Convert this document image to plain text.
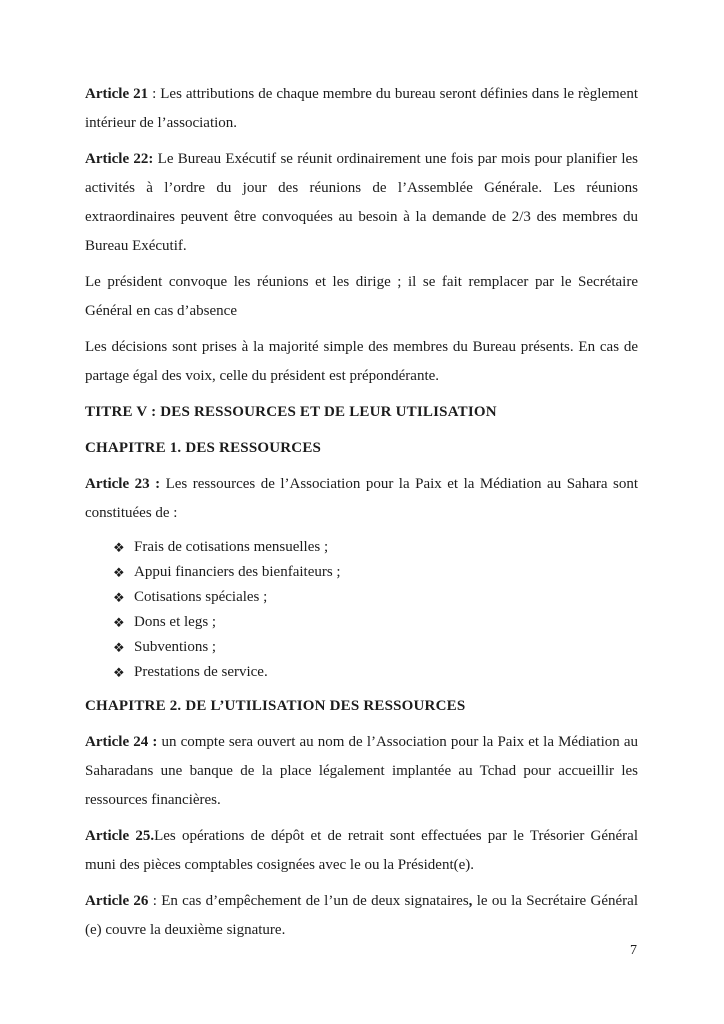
Article 21 : Les attributions de chaque membre du bureau seront définies dans le règlement intérieur de l’association.

Article 22: Le Bureau Exécutif se réunit ordinairement une fois par mois pour planifier les activités à l’ordre du jour des réunions de l’Assemblée Générale. Les réunions extraordinaires peuvent être convoquées au besoin à la demande de 2/3 des membres du Bureau Exécutif.

Le président convoque les réunions et les dirige ; il se fait remplacer par le Secrétaire Général en cas d’absence

Les décisions sont prises à la majorité simple des membres du Bureau présents. En cas de partage égal des voix, celle du président est prépondérante.

TITRE V : DES RESSOURCES ET DE LEUR UTILISATION

CHAPITRE 1. DES RESSOURCES

Article 23 : Les ressources de l’Association pour la Paix et la Médiation au Sahara sont constituées de :

❖ Frais de cotisations mensuelles ;
❖ Appui financiers des bienfaiteurs ;
❖ Cotisations spéciales ;
❖ Dons et legs ;
❖ Subventions ;
❖ Prestations de service.

CHAPITRE 2. DE L’UTILISATION DES RESSOURCES

Article 24 : un compte sera ouvert au nom de l’Association pour la Paix et la Médiation au Saharadans une banque de la place légalement implantée au Tchad pour accueillir les ressources financières.

Article 25.Les opérations de dépôt et de retrait sont effectuées par le Trésorier Général muni des pièces comptables cosignées avec le ou la Président(e).

Article 26 : En cas d’empêchement de l’un de deux signataires, le ou la Secrétaire Général (e) couvre la deuxième signature.

7
